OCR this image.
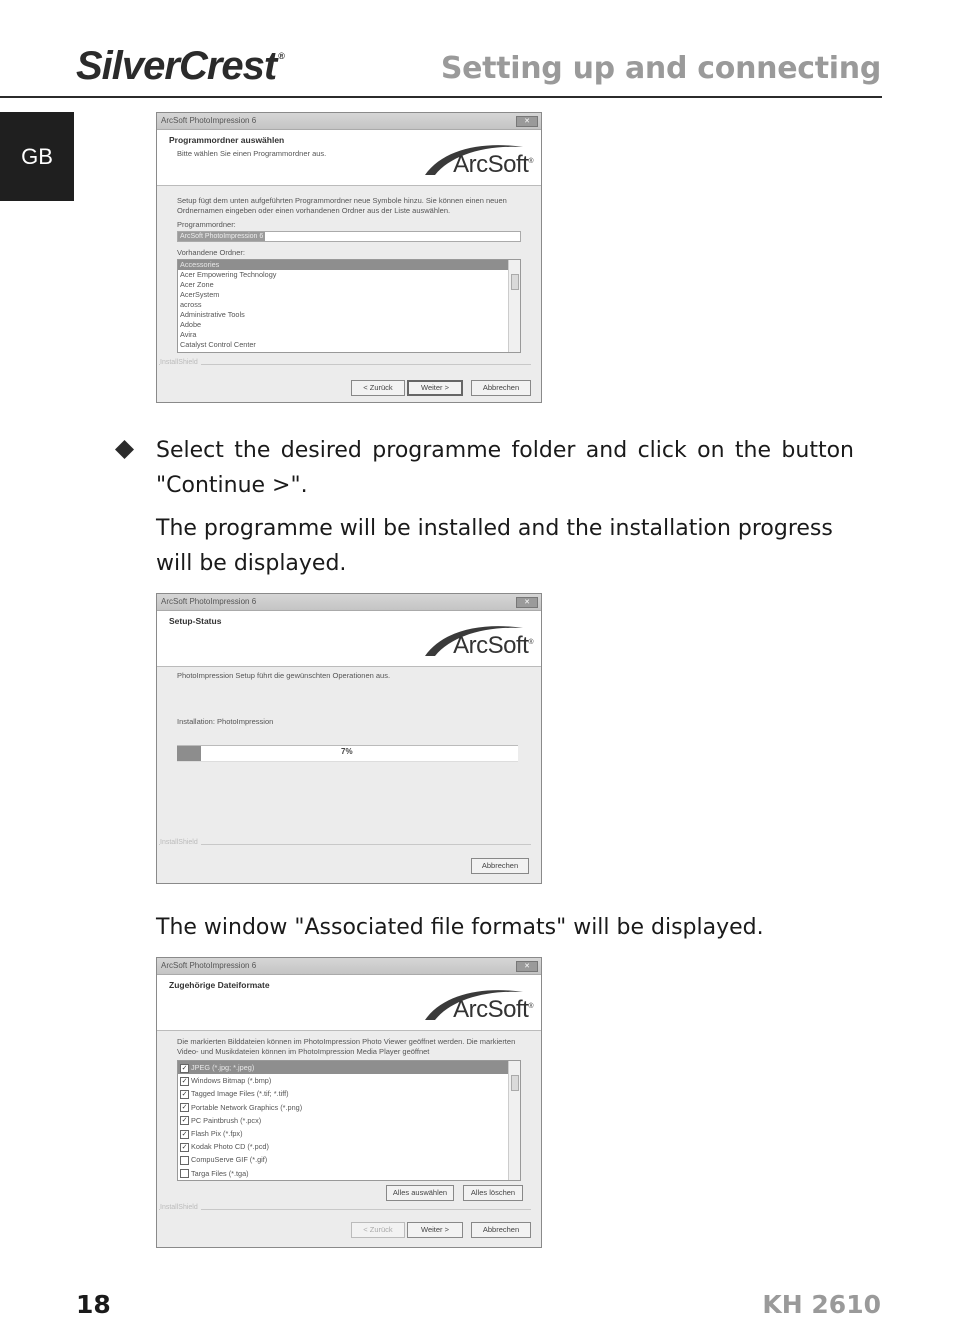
SilverCrest ®	Setting up and connecting
GB
ArcSoft PhotoImpression 6	✕
Programmordner auswählen
Bitte wählen Sie einen Programmordner aus.	ArcSoft®
Setup fügt dem unten aufgeführten Programmordner neue Symbole hinzu. Sie können einen neuen Ordnernamen eingeben oder einen vorhandenen Ordner aus der Liste auswählen.
Programmordner:
ArcSoft PhotoImpression 6
Vorhandene Ordner:
Accessories
Acer Empowering Technology
Acer Zone
AcerSystem
across
Administrative Tools
Adobe
Avira
Catalyst Control Center
InstallShield
< Zurück	Weiter >	Abbrechen

Select the desired programme folder and click on the button "Continue >".

The programme will be installed and the installation progress will be displayed.

ArcSoft PhotoImpression 6	✕
Setup-Status
ArcSoft®
PhotoImpression Setup führt die gewünschten Operationen aus.
Installation: PhotoImpression
7%
InstallShield
Abbrechen

The window "Associated file formats" will be displayed.

ArcSoft PhotoImpression 6	✕
Zugehörige Dateiformate
ArcSoft®
Die markierten Bilddateien können im PhotoImpression Photo Viewer geöffnet werden. Die markierten Video- und Musikdateien können im PhotoImpression Media Player geöffnet
✓ JPEG (*.jpg; *.jpeg)
✓ Windows Bitmap (*.bmp)
✓ Tagged Image Files (*.tif; *.tiff)
✓ Portable Network Graphics (*.png)
✓ PC Paintbrush (*.pcx)
✓ Flash Pix (*.fpx)
✓ Kodak Photo CD (*.pcd)
CompuServe GIF (*.gif)
Targa Files (*.tga)
Alles auswählen	Alles löschen
InstallShield
< Zurück	Weiter >	Abbrechen
18	KH 2610
